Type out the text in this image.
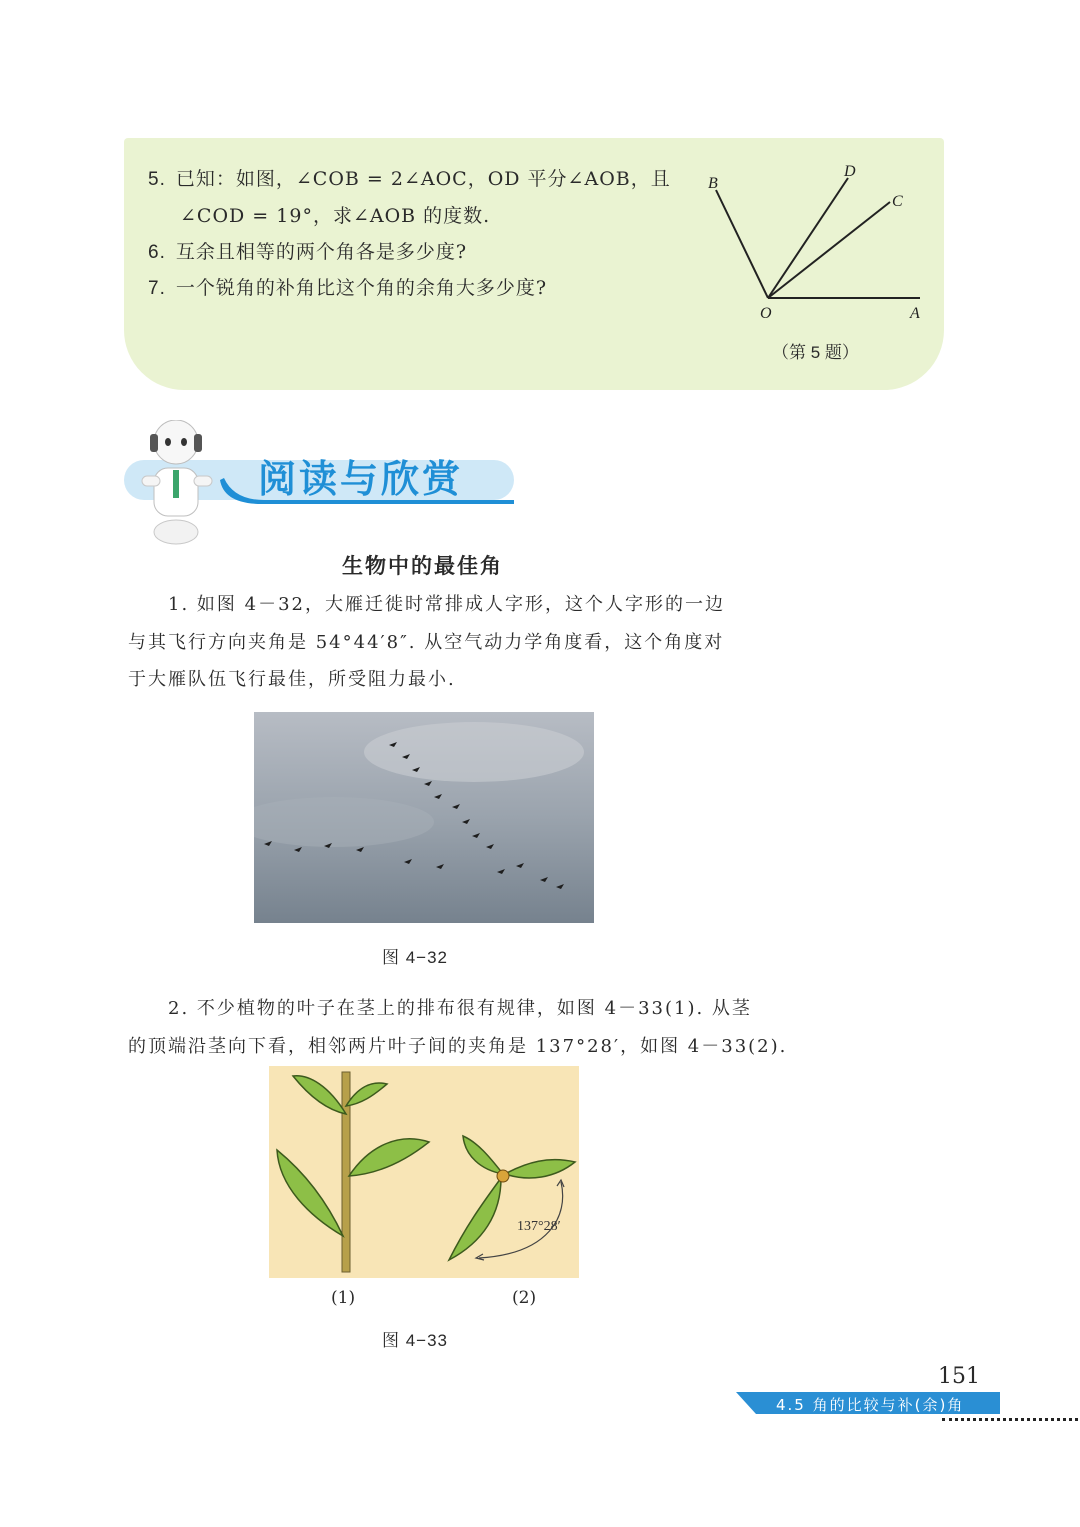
5. 已知：如图，∠COB = 2∠AOC，OD 平分∠AOB，且
∠COD = 19°，求∠AOB 的度数.
6. 互余且相等的两个角各是多少度?
7. 一个锐角的补角比这个角的余角大多少度?
B
D
C
O	A
（第 5 题）
阅读与欣赏
生物中的最佳角
1. 如图 4－32，大雁迁徙时常排成人字形，这个人字形的一边
与其飞行方向夹角是 54°44′8″. 从空气动力学角度看，这个角度对
于大雁队伍飞行最佳，所受阻力最小.
图 4−32
2. 不少植物的叶子在茎上的排布很有规律，如图 4－33(1). 从茎
的顶端沿茎向下看，相邻两片叶子间的夹角是 137°28′，如图 4－33(2).
137°28′
(1)	(2)
图 4−33
151
4.5 角的比较与补(余)角
